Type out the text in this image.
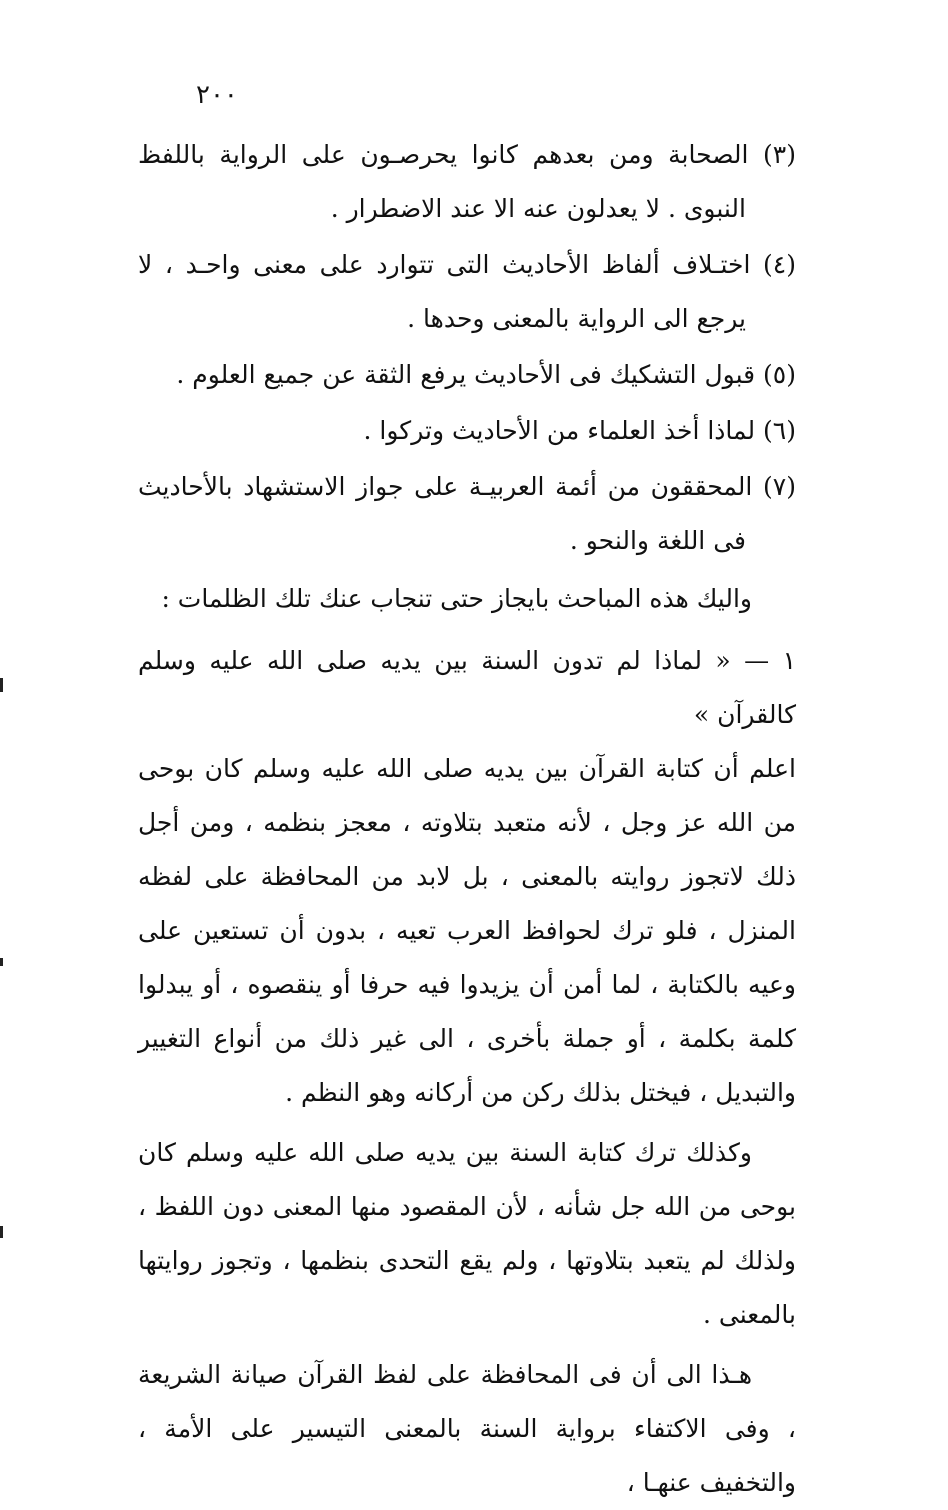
٢٠٠

(٣) الصحابة ومن بعدهم كانوا يحرصـون على الرواية باللفظ النبوى . لا يعدلون عنه الا عند الاضطرار .

(٤) اختـلاف ألفاظ الأحاديث التى تتوارد على معنى واحـد ، لا يرجع الى الرواية بالمعنى وحدها .

(٥) قبول التشكيك فى الأحاديث يرفع الثقة عن جميع العلوم .

(٦) لماذا أخذ العلماء من الأحاديث وتركوا .

(٧) المحققون من أئمة العربيـة على جواز الاستشهاد بالأحاديث فى اللغة والنحو .

واليك هذه المباحث بايجاز حتى تنجاب عنك تلك الظلمات :

١ — « لماذا لم تدون السنة بين يديه صلى الله عليه وسلم كالقرآن »

اعلم أن كتابة القرآن بين يديه صلى الله عليه وسلم كان بوحى من الله عز وجل ، لأنه متعبد بتلاوته ، معجز بنظمه ، ومن أجل ذلك لاتجوز روايته بالمعنى ، بل لابد من المحافظة على لفظه المنزل ، فلو ترك لحوافظ العرب تعيه ، بدون أن تستعين على وعيه بالكتابة ، لما أمن أن يزيدوا فيه حرفا أو ينقصوه ، أو يبدلوا كلمة بكلمة ، أو جملة بأخرى ، الى غير ذلك من أنواع التغيير والتبديل ، فيختل بذلك ركن من أركانه وهو النظم .

وكذلك ترك كتابة السنة بين يديه صلى الله عليه وسلم كان بوحى من الله جل شأنه ، لأن المقصود منها المعنى دون اللفظ ، ولذلك لم يتعبد بتلاوتها ، ولم يقع التحدى بنظمها ، وتجوز روايتها بالمعنى .

هـذا الى أن فى المحافظة على لفظ القرآن صيانة الشريعة ، وفى الاكتفاء برواية السنة بالمعنى التيسير على الأمة ، والتخفيف عنهـا ،
